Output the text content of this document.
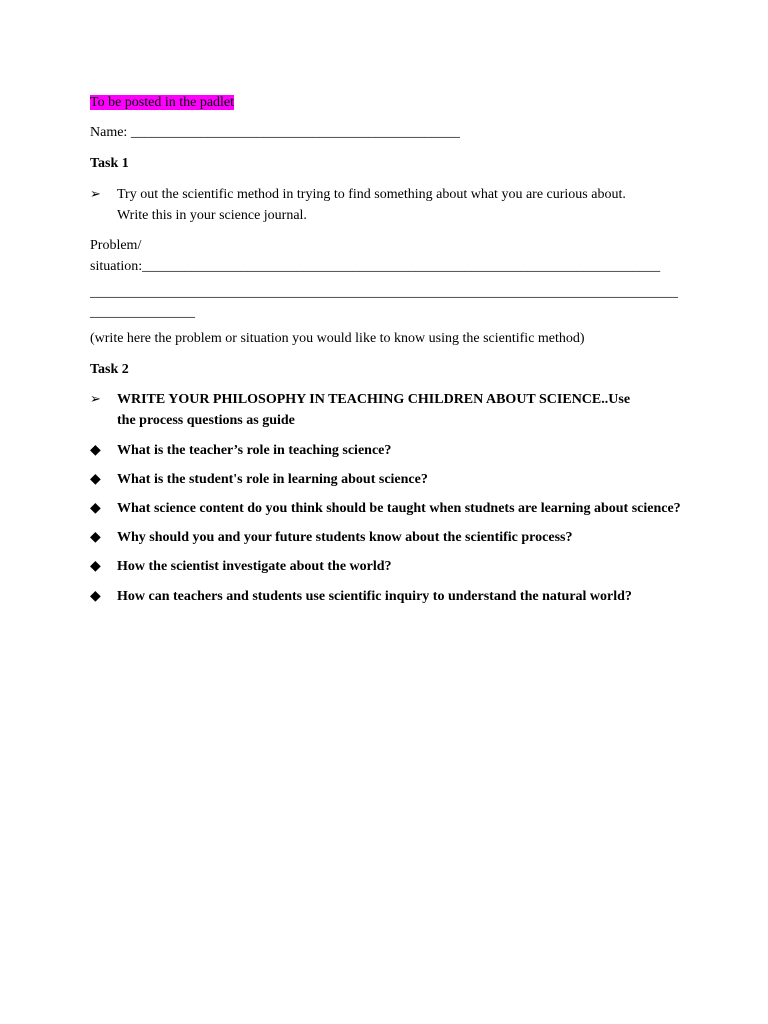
To be posted in the padlet
Name: _______________________________________________
Task 1
➢	Try out the scientific method in trying to find something about what you are curious about.
Write this in your science journal.
Problem/
situation:__________________________________________________________________________
____________________________________________________________________________________
_______________
(write here the problem or situation you would like to know using the scientific method)
Task 2
➢	WRITE YOUR PHILOSOPHY IN TEACHING CHILDREN ABOUT SCIENCE..Use
the process questions as guide
◆	What is the teacher’s role in teaching science?
◆	What is the student's role in learning about science?
◆	What science content do you think should be taught when studnets are learning about science?
◆	Why should you and your future students know about the scientific process?
◆	How the scientist investigate about the world?
◆	How can teachers and students use scientific inquiry to understand the natural world?
